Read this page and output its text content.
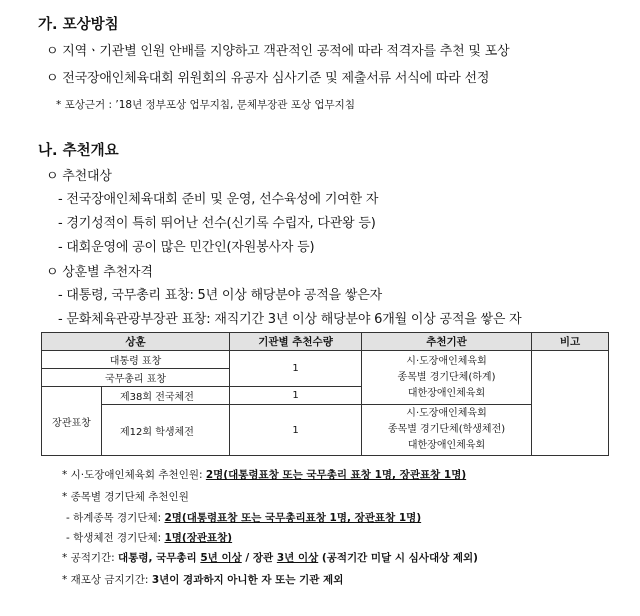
가. 포상방침
ㅇ 지역ㆍ기관별 인원 안배를 지양하고 객관적인 공적에 따라 적격자를 추천 및 포상
ㅇ 전국장애인체육대회 위원회의 유공자 심사기준 및 제출서류 서식에 따라 선정
* 포상근거 : ’18년 정부포상 업무지침, 문체부장관 포상 업무지침
나. 추천개요
ㅇ 추천대상
- 전국장애인체육대회 준비 및 운영, 선수육성에 기여한 자
- 경기성적이 특히 뛰어난 선수(신기록 수립자, 다관왕 등)
- 대회운영에 공이 많은 민간인(자원봉사자 등)
ㅇ 상훈별 추천자격
- 대통령, 국무총리 표창: 5년 이상 해당분야 공적을 쌓은자
- 문화체육관광부장관 표창: 재직기간 3년 이상 해당분야 6개월 이상 공적을 쌓은 자
상훈		기관별 추천수량	추천기관	비고
대통령 표창		1	시·도장애인체육회
종목별 경기단체(하계)
대한장애인체육회	
국무총리 표창				
장관표창	제38회 전국체전	1		
	제12회 학생체전	1	시·도장애인체육회
종목별 경기단체(학생체전)
대한장애인체육회	
* 시·도장애인체육회 추천인원: 2명(대통령표창 또는 국무총리 표창 1명, 장관표창 1명)
* 종목별 경기단체 추천인원
- 하계종목 경기단체: 2명(대통령표창 또는 국무총리표창 1명, 장관표창 1명)
- 학생체전 경기단체: 1명(장관표창)
* 공적기간: 대통령, 국무총리 5년 이상 / 장관 3년 이상 (공적기간 미달 시 심사대상 제외)
* 재포상 금지기간: 3년이 경과하지 아니한 자 또는 기관 제외
